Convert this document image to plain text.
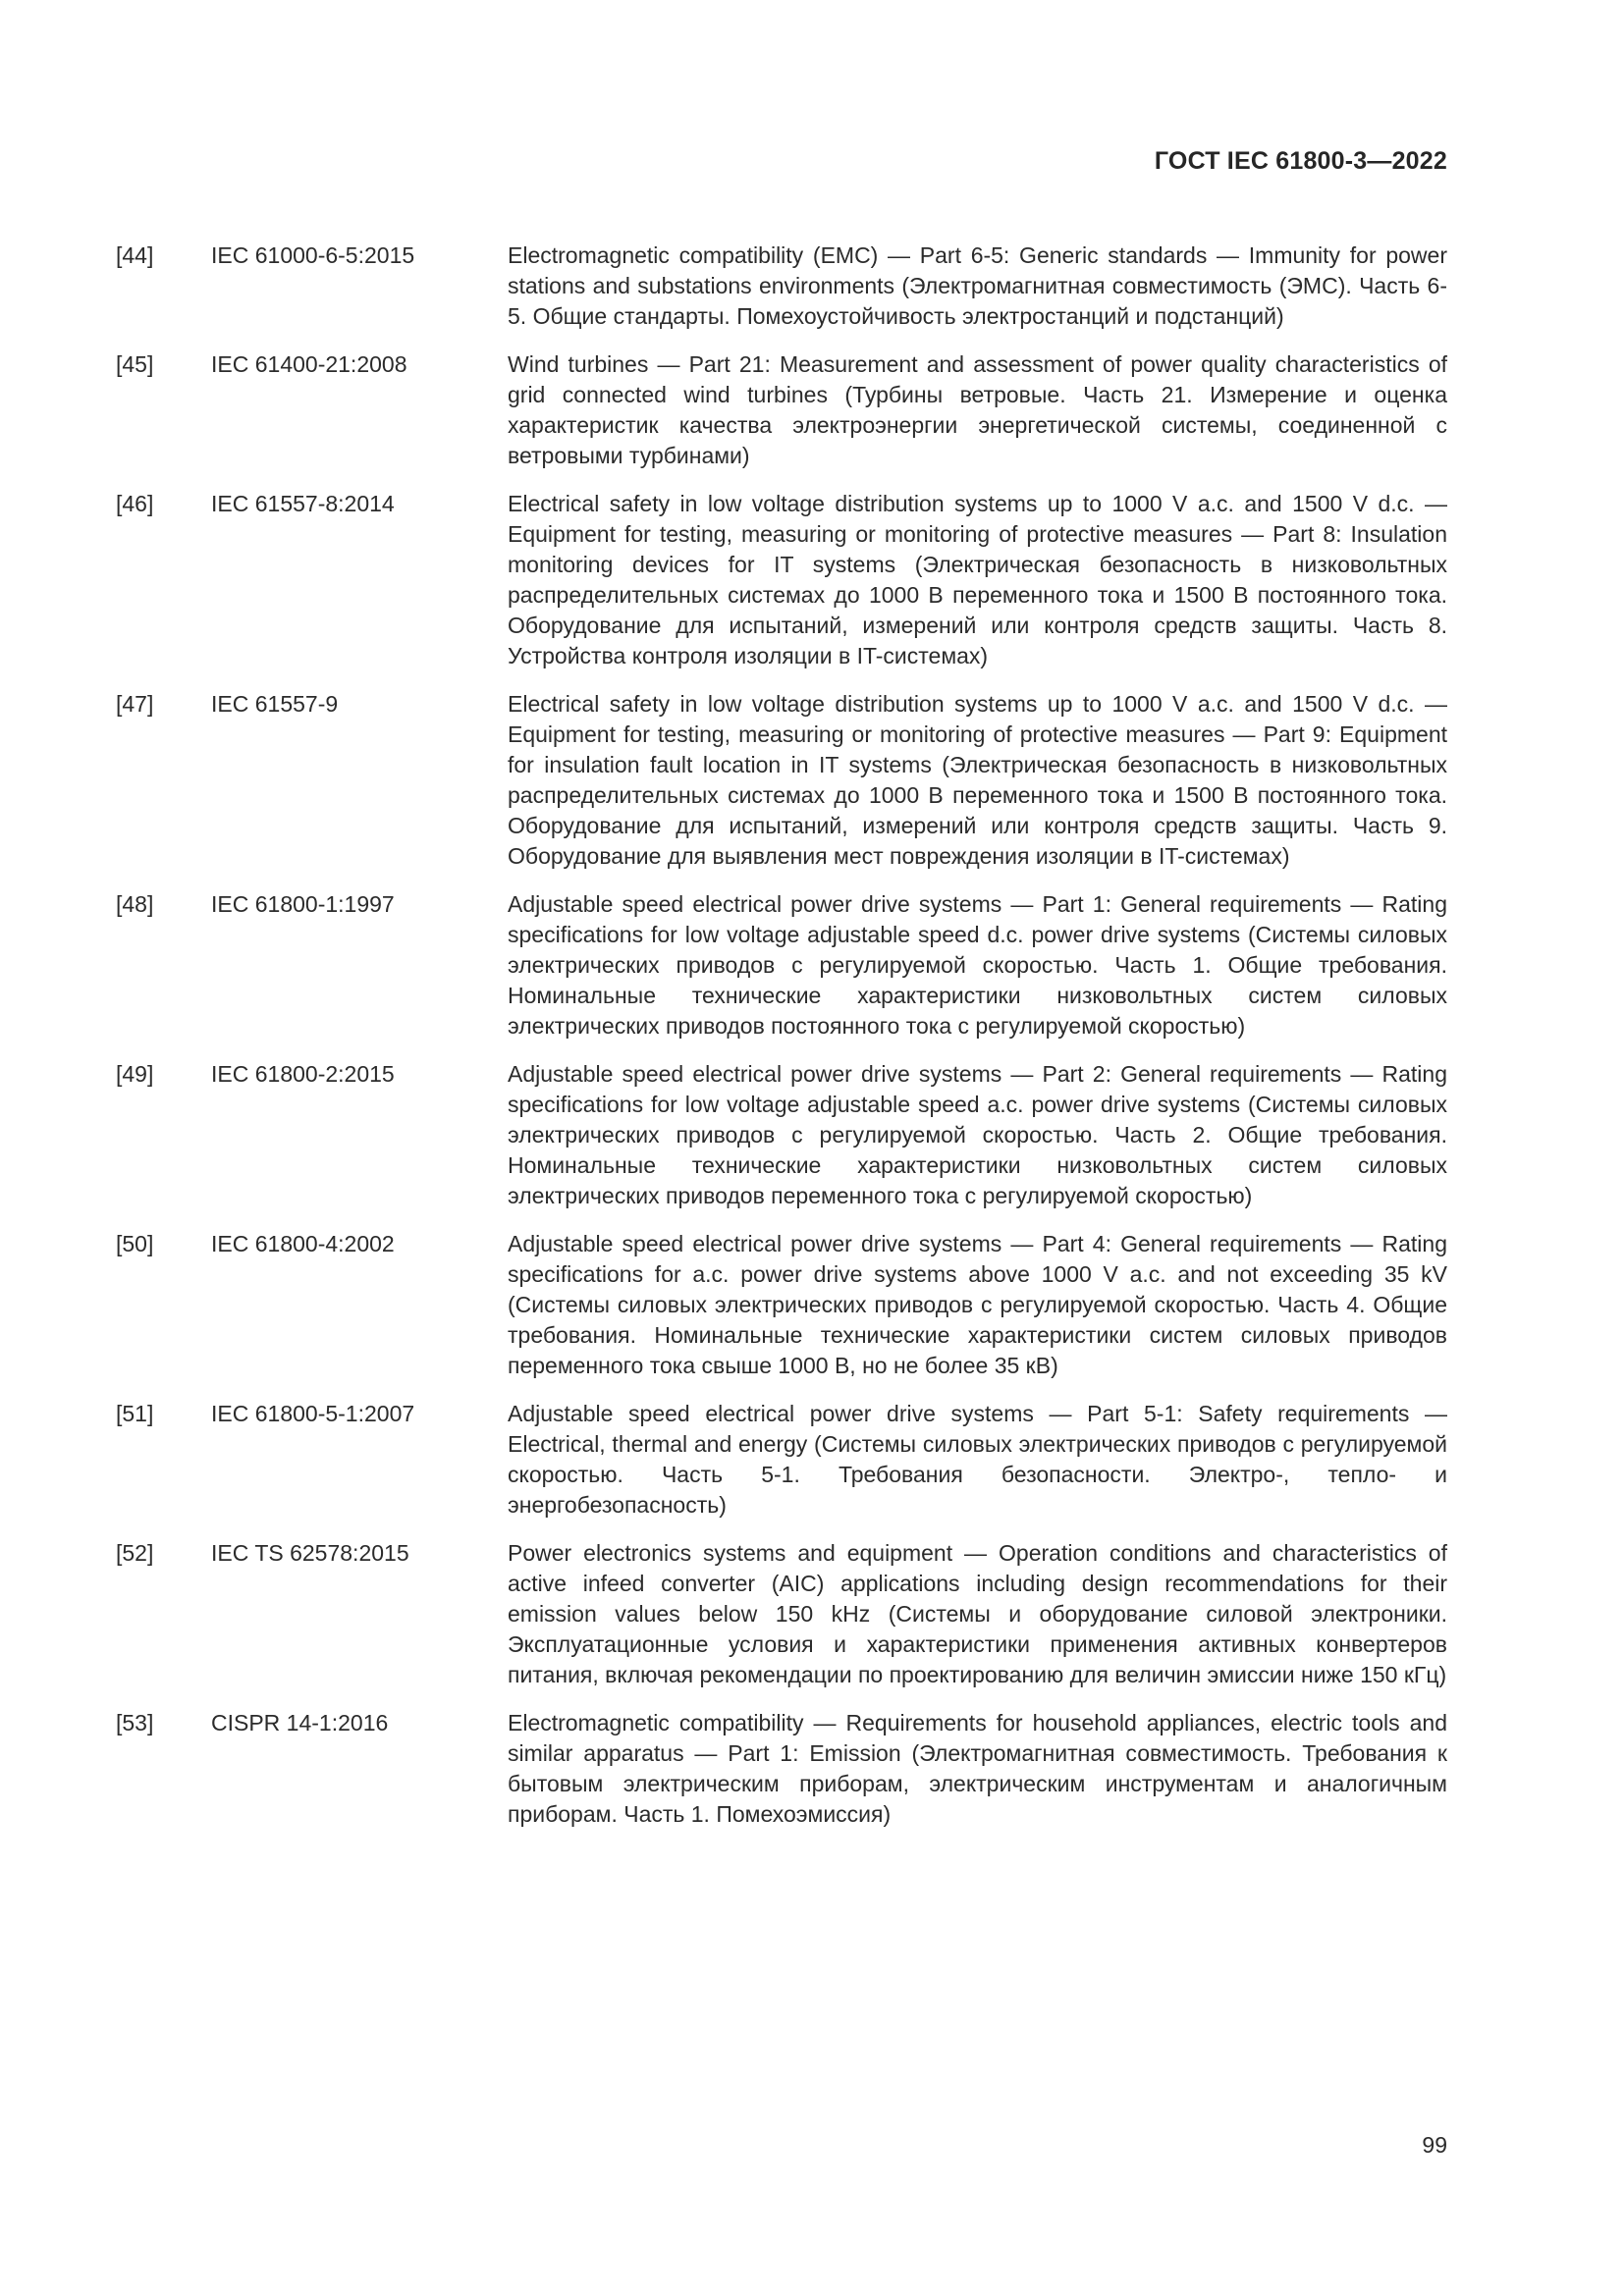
ГОСТ IEC 61800-3—2022
[44]	IEC 61000-6-5:2015	Electromagnetic compatibility (EMC) — Part 6-5: Generic standards — Immunity for power stations and substations environments (Электромагнитная совместимость (ЭМС). Часть 6-5. Общие стандарты. Помехоустойчивость электростанций и подстанций)
[45]	IEC 61400-21:2008	Wind turbines — Part 21: Measurement and assessment of power quality characteristics of grid connected wind turbines (Турбины ветровые. Часть 21. Измерение и оценка характеристик качества электроэнергии энергетической системы, соединенной с ветровыми турбинами)
[46]	IEC 61557-8:2014	Electrical safety in low voltage distribution systems up to 1000 V a.c. and 1500 V d.c. — Equipment for testing, measuring or monitoring of protective measures — Part 8: Insulation monitoring devices for IT systems (Электрическая безопасность в низковольтных распределительных системах до 1000 В переменного тока и 1500 В постоянного тока. Оборудование для испытаний, измерений или контроля средств защиты. Часть 8. Устройства контроля изоляции в IT-системах)
[47]	IEC 61557-9	Electrical safety in low voltage distribution systems up to 1000 V a.c. and 1500 V d.c. — Equipment for testing, measuring or monitoring of protective measures — Part 9: Equipment for insulation fault location in IT systems (Электрическая безопасность в низковольтных распределительных системах до 1000 В переменного тока и 1500 В постоянного тока. Оборудование для испытаний, измерений или контроля средств защиты. Часть 9. Оборудование для выявления мест повреждения изоляции в IT-системах)
[48]	IEC 61800-1:1997	Adjustable speed electrical power drive systems — Part 1: General requirements — Rating specifications for low voltage adjustable speed d.c. power drive systems (Системы силовых электрических приводов с регулируемой скоростью. Часть 1. Общие требования. Номинальные технические характеристики низковольтных систем силовых электрических приводов постоянного тока с регулируемой скоростью)
[49]	IEC 61800-2:2015	Adjustable speed electrical power drive systems — Part 2: General requirements — Rating specifications for low voltage adjustable speed a.c. power drive systems (Системы силовых электрических приводов с регулируемой скоростью. Часть 2. Общие требования. Номинальные технические характеристики низковольтных систем силовых электрических приводов переменного тока с регулируемой скоростью)
[50]	IEC 61800-4:2002	Adjustable speed electrical power drive systems — Part 4: General requirements — Rating specifications for a.c. power drive systems above 1000 V a.c. and not exceeding 35 kV (Системы силовых электрических приводов с регулируемой скоростью. Часть 4. Общие требования. Номинальные технические характеристики систем силовых приводов переменного тока свыше 1000 В, но не более 35 кВ)
[51]	IEC 61800-5-1:2007	Adjustable speed electrical power drive systems — Part 5-1: Safety requirements — Electrical, thermal and energy (Системы силовых электрических приводов с регулируемой скоростью. Часть 5-1. Требования безопасности. Электро-, тепло- и энергобезопасность)
[52]	IEC TS 62578:2015	Power electronics systems and equipment — Operation conditions and characteristics of active infeed converter (AIC) applications including design recommendations for their emission values below 150 kHz (Системы и оборудование силовой электроники. Эксплуатационные условия и характеристики применения активных конвертеров питания, включая рекомендации по проектированию для величин эмиссии ниже 150 кГц)
[53]	CISPR 14-1:2016	Electromagnetic compatibility — Requirements for household appliances, electric tools and similar apparatus — Part 1: Emission (Электромагнитная совместимость. Требования к бытовым электрическим приборам, электрическим инструментам и аналогичным приборам. Часть 1. Помехоэмиссия)
99
